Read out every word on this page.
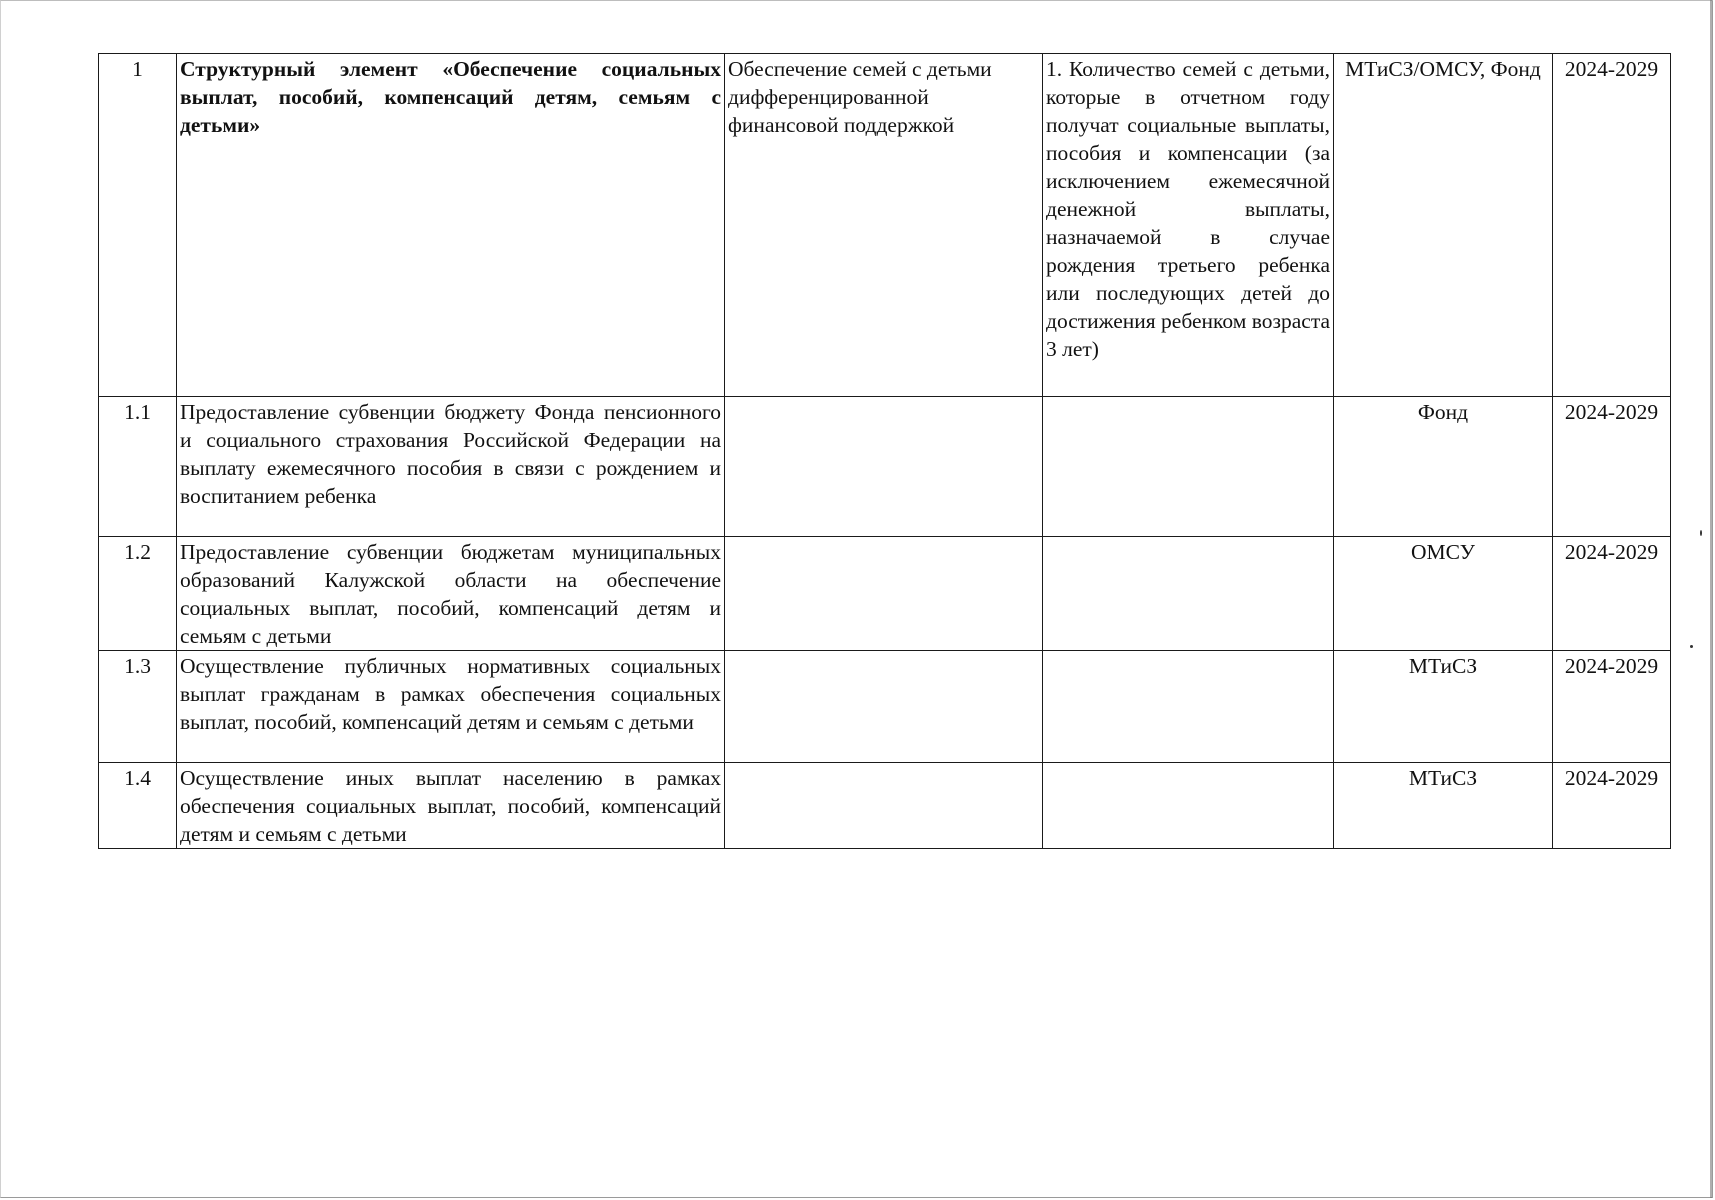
1	Структурный элемент «Обеспечение социальных выплат, пособий, компенсаций детям, семьям с детьми»	Обеспечение семей с детьми дифференцированной финансовой поддержкой	1. Количество семей с детьми, которые в отчетном году получат социальные выплаты, пособия и компенсации (за исключением ежемесячной денежной выплаты, назначаемой в случае рождения третьего ребенка или последующих детей до достижения ребенком возраста 3 лет)	МТиСЗ/ОМСУ, Фонд	2024-2029
1.1	Предоставление субвенции бюджету Фонда пенсионного и социального страхования Российской Федерации на выплату ежемесячного пособия в связи с рождением и воспитанием ребенка			Фонд	2024-2029
1.2	Предоставление субвенции бюджетам муниципальных образований Калужской области на обеспечение социальных выплат, пособий, компенсаций детям и семьям с детьми			ОМСУ	2024-2029
1.3	Осуществление публичных нормативных социальных выплат гражданам в рамках обеспечения социальных выплат, пособий, компенсаций детям и семьям с детьми			МТиСЗ	2024-2029
1.4	Осуществление иных выплат населению в рамках обеспечения социальных выплат, пособий, компенсаций детям и семьям с детьми			МТиСЗ	2024-2029
